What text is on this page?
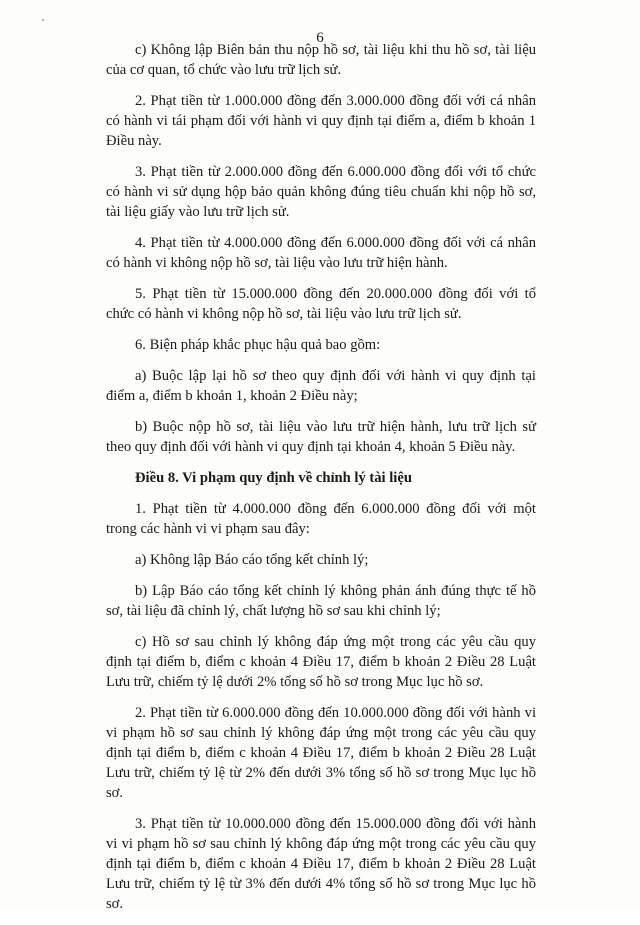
6

c) Không lập Biên bản thu nộp hồ sơ, tài liệu khi thu hồ sơ, tài liệu của cơ quan, tổ chức vào lưu trữ lịch sử.

2. Phạt tiền từ 1.000.000 đồng đến 3.000.000 đồng đối với cá nhân có hành vi tái phạm đối với hành vi quy định tại điểm a, điểm b khoản 1 Điều này.

3. Phạt tiền từ 2.000.000 đồng đến 6.000.000 đồng đối với tổ chức có hành vi sử dụng hộp bảo quản không đúng tiêu chuẩn khi nộp hồ sơ, tài liệu giấy vào lưu trữ lịch sử.

4. Phạt tiền từ 4.000.000 đồng đến 6.000.000 đồng đối với cá nhân có hành vi không nộp hồ sơ, tài liệu vào lưu trữ hiện hành.

5. Phạt tiền từ 15.000.000 đồng đến 20.000.000 đồng đối với tổ chức có hành vi không nộp hồ sơ, tài liệu vào lưu trữ lịch sử.

6. Biện pháp khắc phục hậu quả bao gồm:

a) Buộc lập lại hồ sơ theo quy định đối với hành vi quy định tại điểm a, điểm b khoản 1, khoản 2 Điều này;

b) Buộc nộp hồ sơ, tài liệu vào lưu trữ hiện hành, lưu trữ lịch sử theo quy định đối với hành vi quy định tại khoản 4, khoản 5 Điều này.

Điều 8. Vi phạm quy định về chỉnh lý tài liệu

1. Phạt tiền từ 4.000.000 đồng đến 6.000.000 đồng đối với một trong các hành vi vi phạm sau đây:

a) Không lập Báo cáo tổng kết chỉnh lý;

b) Lập Báo cáo tổng kết chỉnh lý không phản ánh đúng thực tế hồ sơ, tài liệu đã chỉnh lý, chất lượng hồ sơ sau khi chỉnh lý;

c) Hồ sơ sau chỉnh lý không đáp ứng một trong các yêu cầu quy định tại điểm b, điểm c khoản 4 Điều 17, điểm b khoản 2 Điều 28 Luật Lưu trữ, chiếm tỷ lệ dưới 2% tổng số hồ sơ trong Mục lục hồ sơ.

2. Phạt tiền từ 6.000.000 đồng đến 10.000.000 đồng đối với hành vi vi phạm hồ sơ sau chỉnh lý không đáp ứng một trong các yêu cầu quy định tại điểm b, điểm c khoản 4 Điều 17, điểm b khoản 2 Điều 28 Luật Lưu trữ, chiếm tỷ lệ từ 2% đến dưới 3% tổng số hồ sơ trong Mục lục hồ sơ.

3. Phạt tiền từ 10.000.000 đồng đến 15.000.000 đồng đối với hành vi vi phạm hồ sơ sau chỉnh lý không đáp ứng một trong các yêu cầu quy định tại điểm b, điểm c khoản 4 Điều 17, điểm b khoản 2 Điều 28 Luật Lưu trữ, chiếm tỷ lệ từ 3% đến dưới 4% tổng số hồ sơ trong Mục lục hồ sơ.
